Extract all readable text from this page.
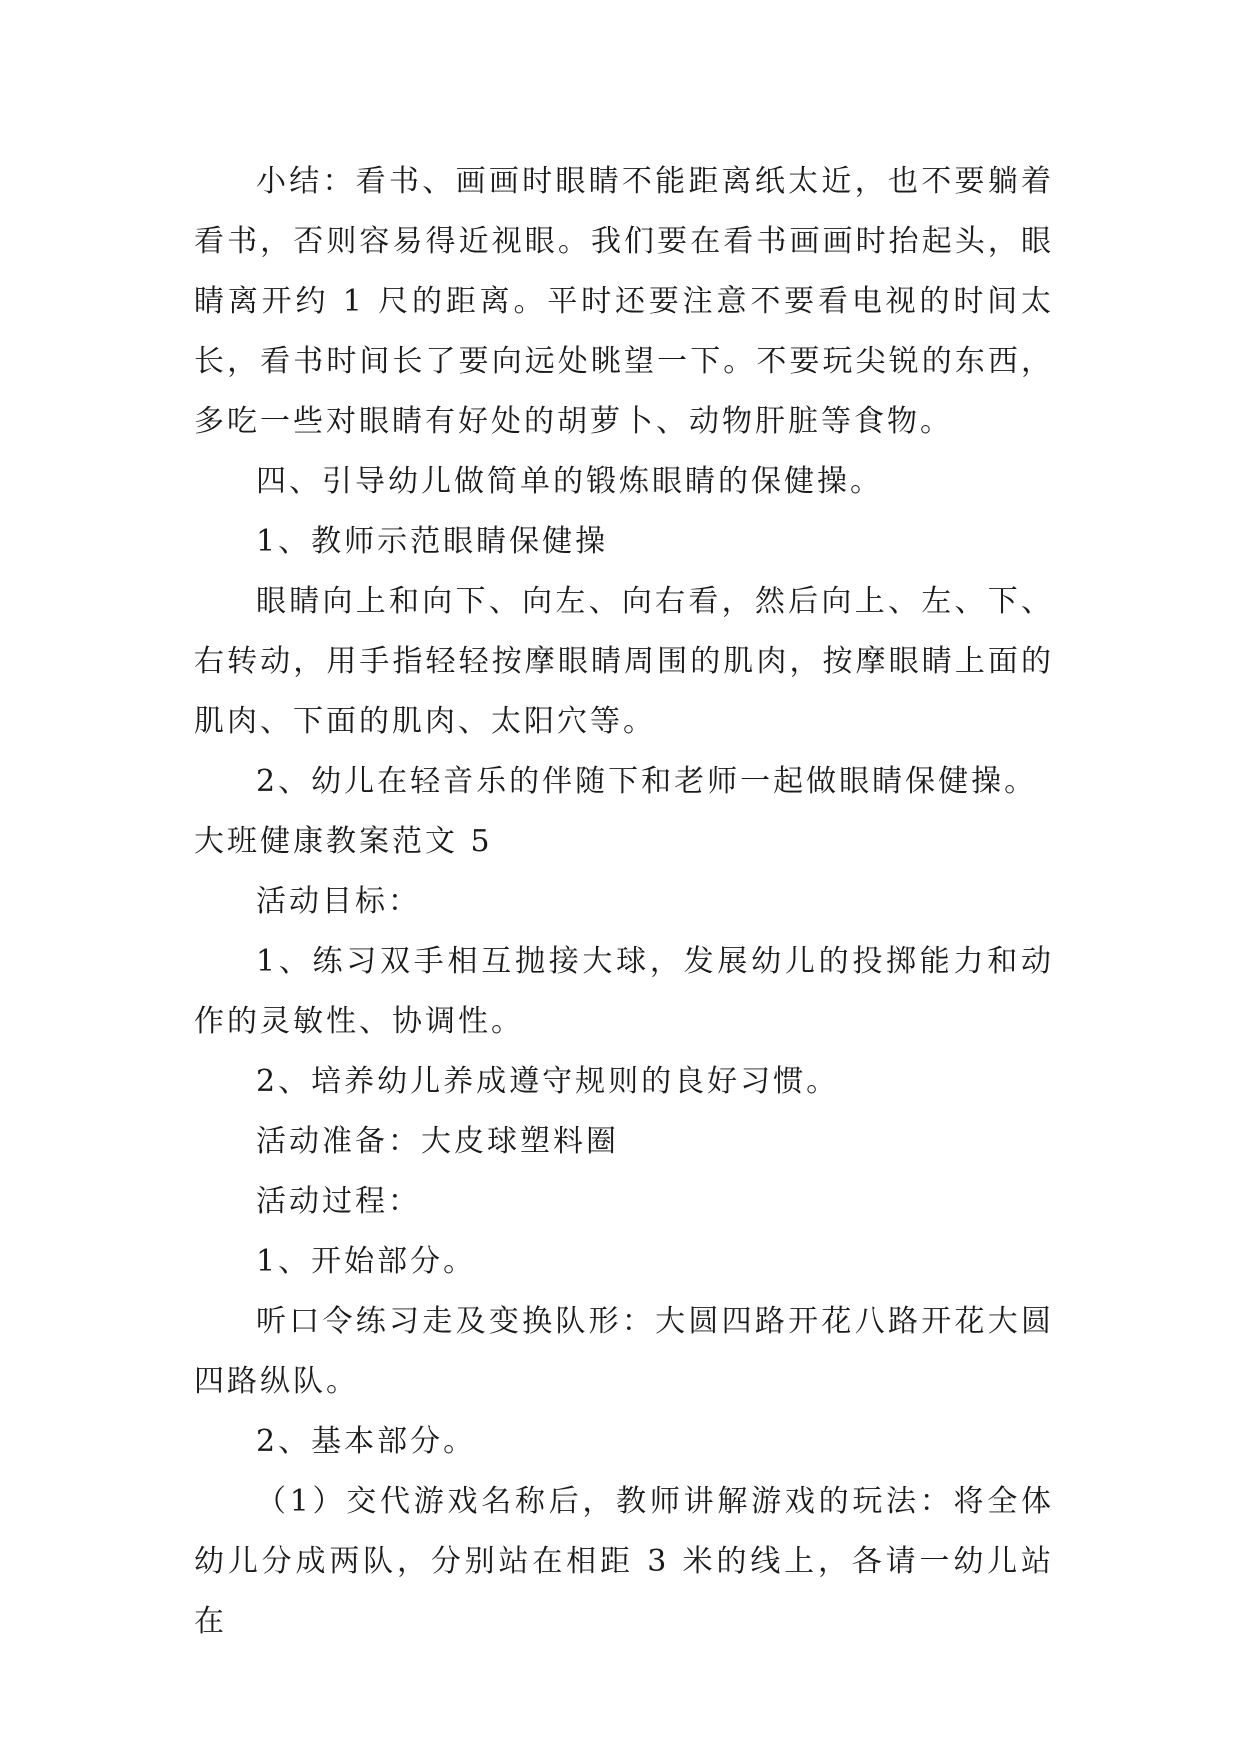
小结：看书、画画时眼睛不能距离纸太近，也不要躺着看书，否则容易得近视眼。我们要在看书画画时抬起头，眼睛离开约 1 尺的距离。平时还要注意不要看电视的时间太长，看书时间长了要向远处眺望一下。不要玩尖锐的东西，多吃一些对眼睛有好处的胡萝卜、动物肝脏等食物。

四、引导幼儿做简单的锻炼眼睛的保健操。

1、教师示范眼睛保健操

眼睛向上和向下、向左、向右看，然后向上、左、下、右转动，用手指轻轻按摩眼睛周围的肌肉，按摩眼睛上面的肌肉、下面的肌肉、太阳穴等。

2、幼儿在轻音乐的伴随下和老师一起做眼睛保健操。

大班健康教案范文 5

活动目标：

1、练习双手相互抛接大球，发展幼儿的投掷能力和动作的灵敏性、协调性。

2、培养幼儿养成遵守规则的良好习惯。

活动准备：大皮球塑料圈

活动过程：

1、开始部分。

听口令练习走及变换队形：大圆四路开花八路开花大圆四路纵队。

2、基本部分。

（1）交代游戏名称后，教师讲解游戏的玩法：将全体幼儿分成两队，分别站在相距 3 米的线上，各请一幼儿站在
